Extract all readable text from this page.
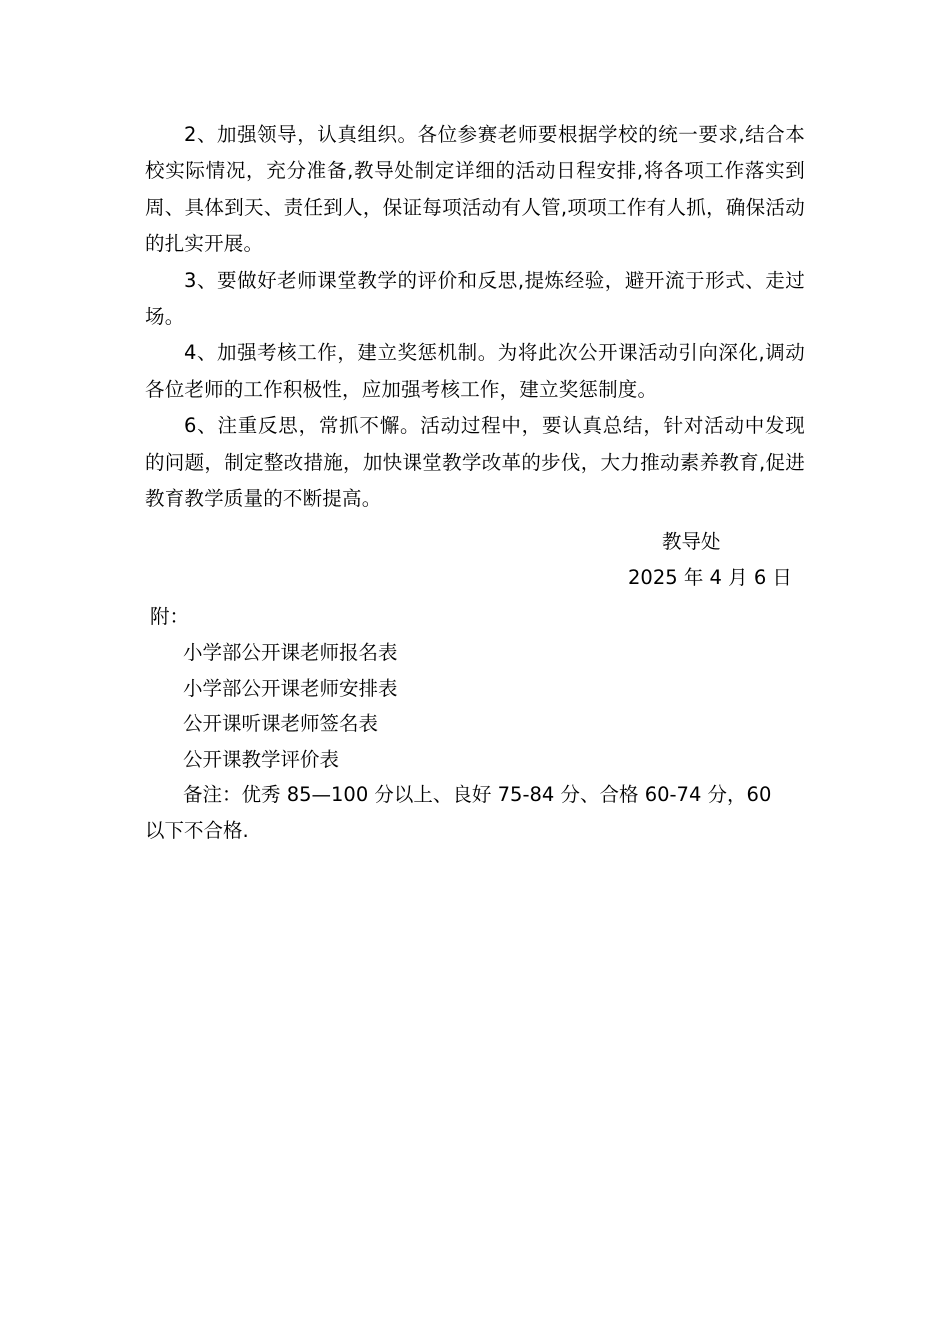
2、加强领导，认真组织。各位参赛老师要根据学校的统一要求,结合本校实际情况，充分准备,教导处制定详细的活动日程安排,将各项工作落实到周、具体到天、责任到人，保证每项活动有人管,项项工作有人抓，确保活动的扎实开展。

3、要做好老师课堂教学的评价和反思,提炼经验，避开流于形式、走过场。

4、加强考核工作，建立奖惩机制。为将此次公开课活动引向深化,调动各位老师的工作积极性，应加强考核工作，建立奖惩制度。

6、注重反思，常抓不懈。活动过程中，要认真总结，针对活动中发现的问题，制定整改措施，加快课堂教学改革的步伐，大力推动素养教育,促进教育教学质量的不断提高。

教导处
2025 年 4 月 6 日
附：
小学部公开课老师报名表
小学部公开课老师安排表
公开课听课老师签名表
公开课教学评价表

备注：优秀 85—100 分以上、良好 75-84 分、合格 60-74 分，60 以下不合格.
